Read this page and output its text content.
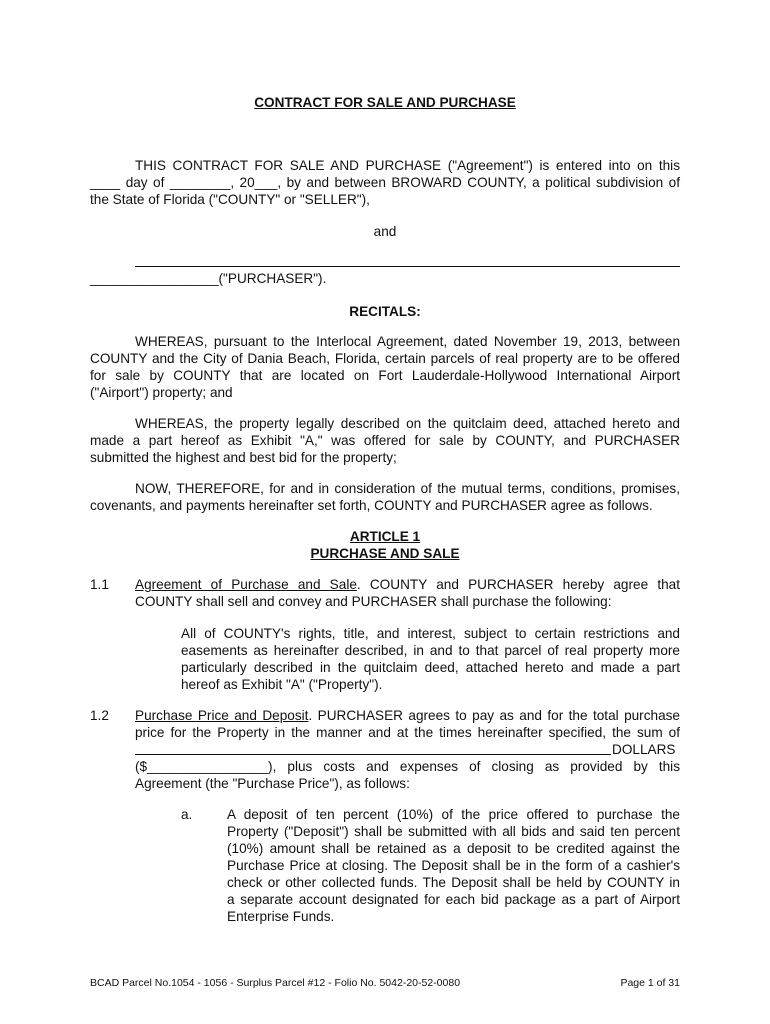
CONTRACT FOR SALE AND PURCHASE
THIS CONTRACT FOR SALE AND PURCHASE ("Agreement") is entered into on this
____ day of ________, 20___, by and between BROWARD COUNTY, a political subdivision of
the State of Florida ("COUNTY" or "SELLER"),
and
_________________("PURCHASER").
RECITALS:
WHEREAS, pursuant to the Interlocal Agreement, dated November 19, 2013, between
COUNTY and the City of Dania Beach, Florida, certain parcels of real property are to be offered
for sale by COUNTY that are located on Fort Lauderdale-Hollywood International Airport
("Airport") property; and
WHEREAS, the property legally described on the quitclaim deed, attached hereto and
made a part hereof as Exhibit "A," was offered for sale by COUNTY, and PURCHASER
submitted the highest and best bid for the property;
NOW, THEREFORE, for and in consideration of the mutual terms, conditions, promises,
covenants, and payments hereinafter set forth, COUNTY and PURCHASER agree as follows.
ARTICLE 1
PURCHASE AND SALE
1.1 Agreement of Purchase and Sale. COUNTY and PURCHASER hereby agree that
COUNTY shall sell and convey and PURCHASER shall purchase the following:
All of COUNTY's rights, title, and interest, subject to certain restrictions and
easements as hereinafter described, in and to that parcel of real property more
particularly described in the quitclaim deed, attached hereto and made a part
hereof as Exhibit "A" ("Property").
1.2 Purchase Price and Deposit. PURCHASER agrees to pay as and for the total purchase
price for the Property in the manner and at the times hereinafter specified, the sum of
DOLLARS
($________________), plus costs and expenses of closing as provided by this
Agreement (the "Purchase Price"), as follows:
a.	A deposit of ten percent (10%) of the price offered to purchase the
Property ("Deposit") shall be submitted with all bids and said ten percent
(10%) amount shall be retained as a deposit to be credited against the
Purchase Price at closing. The Deposit shall be in the form of a cashier's
check or other collected funds. The Deposit shall be held by COUNTY in
a separate account designated for each bid package as a part of Airport
Enterprise Funds.
BCAD Parcel No.1054 - 1056 - Surplus Parcel #12 - Folio No. 5042-20-52-0080	Page 1 of 31
